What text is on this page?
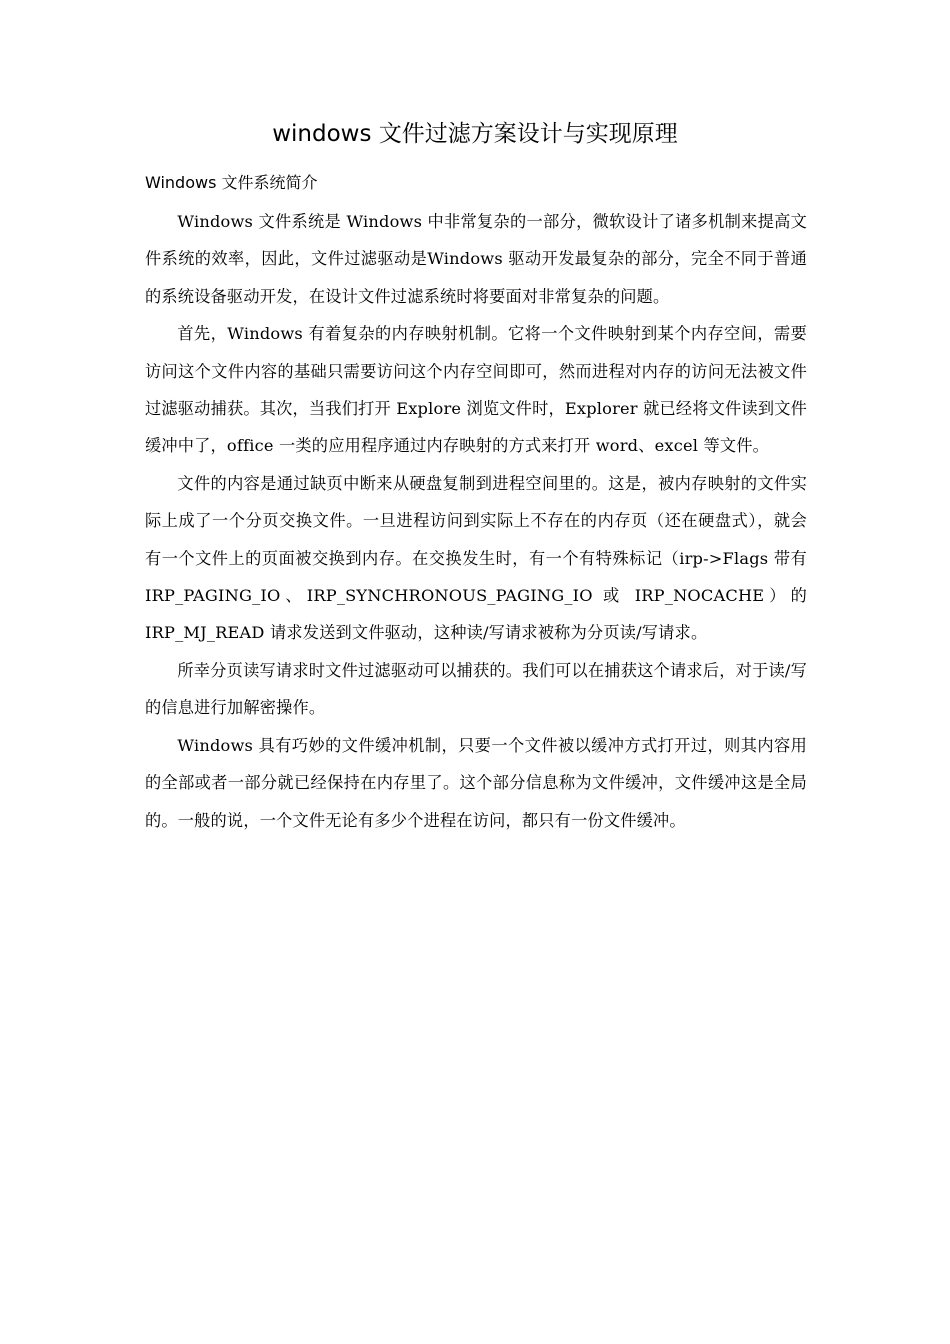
windows 文件过滤方案设计与实现原理
Windows 文件系统简介

Windows 文件系统是 Windows 中非常复杂的一部分，微软设计了诸多机制来提高文件系统的效率，因此，文件过滤驱动是Windows 驱动开发最复杂的部分，完全不同于普通的系统设备驱动开发，在设计文件过滤系统时将要面对非常复杂的问题。

首先，Windows 有着复杂的内存映射机制。它将一个文件映射到某个内存空间，需要访问这个文件内容的基础只需要访问这个内存空间即可，然而进程对内存的访问无法被文件过滤驱动捕获。其次，当我们打开 Explore 浏览文件时，Explorer 就已经将文件读到文件缓冲中了，office 一类的应用程序通过内存映射的方式来打开 word、excel 等文件。

文件的内容是通过缺页中断来从硬盘复制到进程空间里的。这是，被内存映射的文件实际上成了一个分页交换文件。一旦进程访问到实际上不存在的内存页（还在硬盘式），就会有一个文件上的页面被交换到内存。在交换发生时，有一个有特殊标记（irp->Flags 带有 IRP_PAGING_IO、IRP_SYNCHRONOUS_PAGING_IO 或 IRP_NOCACHE）的 IRP_MJ_READ 请求发送到文件驱动，这种读/写请求被称为分页读/写请求。

所幸分页读写请求时文件过滤驱动可以捕获的。我们可以在捕获这个请求后，对于读/写的信息进行加解密操作。

Windows 具有巧妙的文件缓冲机制，只要一个文件被以缓冲方式打开过，则其内容用的全部或者一部分就已经保持在内存里了。这个部分信息称为文件缓冲，文件缓冲这是全局的。一般的说，一个文件无论有多少个进程在访问，都只有一份文件缓冲。
